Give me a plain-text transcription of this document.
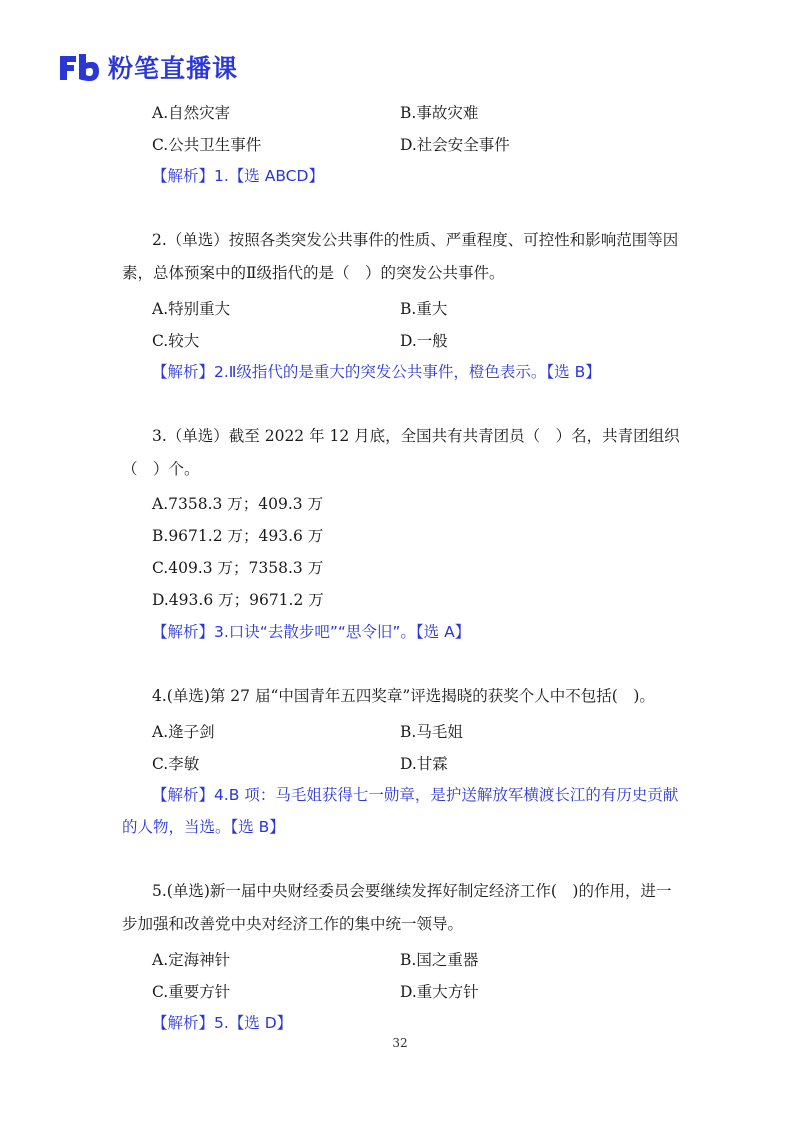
粉笔直播课
A.自然灾害	B.事故灾难
C.公共卫生事件	D.社会安全事件
【解析】1.【选 ABCD】
2.（单选）按照各类突发公共事件的性质、严重程度、可控性和影响范围等因素，总体预案中的Ⅱ级指代的是（　）的突发公共事件。
A.特别重大	B.重大
C.较大	D.一般
【解析】2.Ⅱ级指代的是重大的突发公共事件，橙色表示。【选 B】
3.（单选）截至 2022 年 12 月底，全国共有共青团员（　）名，共青团组织（　）个。
A.7358.3 万；409.3 万
B.9671.2 万；493.6 万
C.409.3 万；7358.3 万
D.493.6 万；9671.2 万
【解析】3.口诀“去散步吧”“思令旧”。【选 A】
4.(单选)第 27 届“中国青年五四奖章”评选揭晓的获奖个人中不包括(　)。
A.逄子剑	B.马毛姐
C.李敏	D.甘霖
【解析】4.B 项：马毛姐获得七一勋章，是护送解放军横渡长江的有历史贡献的人物，当选。【选 B】
5.(单选)新一届中央财经委员会要继续发挥好制定经济工作(　)的作用，进一步加强和改善党中央对经济工作的集中统一领导。
A.定海神针	B.国之重器
C.重要方针	D.重大方针
【解析】5.【选 D】
32
